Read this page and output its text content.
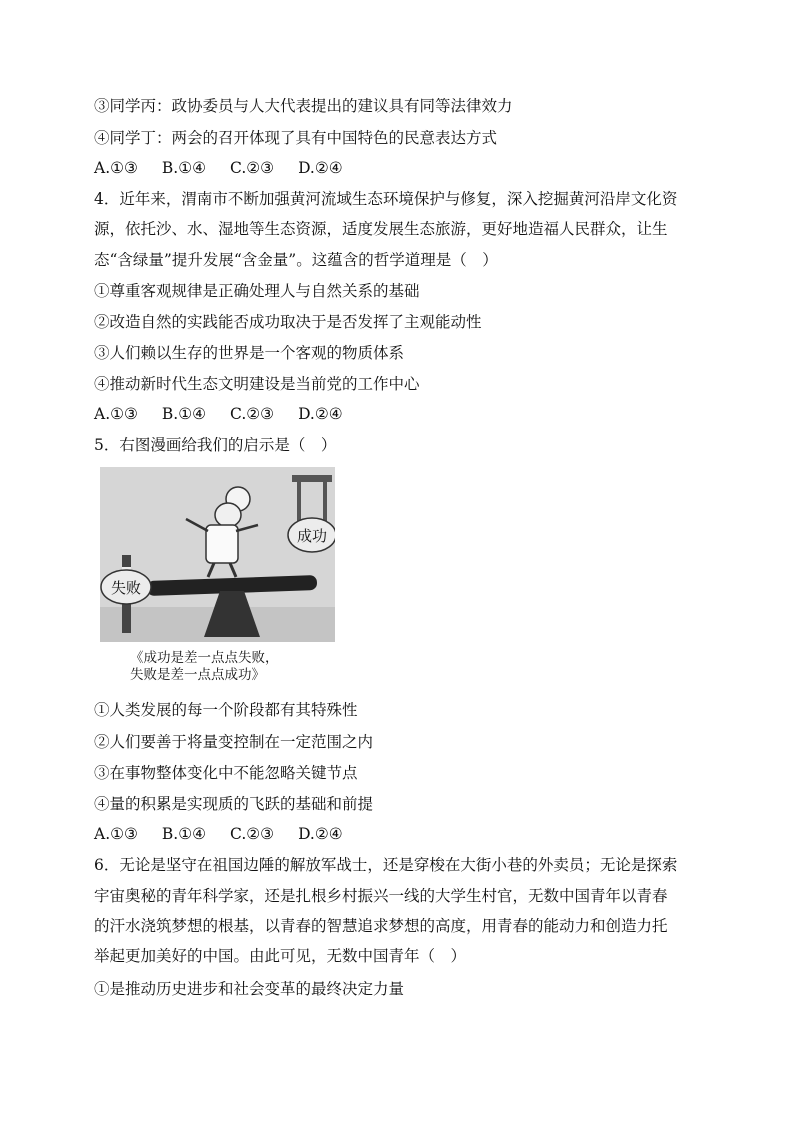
③同学丙：政协委员与人大代表提出的建议具有同等法律效力
④同学丁：两会的召开体现了具有中国特色的民意表达方式
A.①③ B.①④ C.②③ D.②④
4．近年来，渭南市不断加强黄河流域生态环境保护与修复，深入挖掘黄河沿岸文化资
源，依托沙、水、湿地等生态资源，适度发展生态旅游，更好地造福人民群众，让生
态“含绿量”提升发展“含金量”。这蕴含的哲学道理是（　）
①尊重客观规律是正确处理人与自然关系的基础
②改造自然的实践能否成功取决于是否发挥了主观能动性
③人们赖以生存的世界是一个客观的物质体系
④推动新时代生态文明建设是当前党的工作中心
A.①③ B.①④ C.②③ D.②④
5．右图漫画给我们的启示是（　）
失败
成功
《成功是差一点点失败，
失败是差一点点成功》
①人类发展的每一个阶段都有其特殊性
②人们要善于将量变控制在一定范围之内
③在事物整体变化中不能忽略关键节点
④量的积累是实现质的飞跃的基础和前提
A.①③ B.①④ C.②③ D.②④
6．无论是坚守在祖国边陲的解放军战士，还是穿梭在大街小巷的外卖员；无论是探索
宇宙奥秘的青年科学家，还是扎根乡村振兴一线的大学生村官，无数中国青年以青春
的汗水浇筑梦想的根基，以青春的智慧追求梦想的高度，用青春的能动力和创造力托
举起更加美好的中国。由此可见，无数中国青年（　）
①是推动历史进步和社会变革的最终决定力量
